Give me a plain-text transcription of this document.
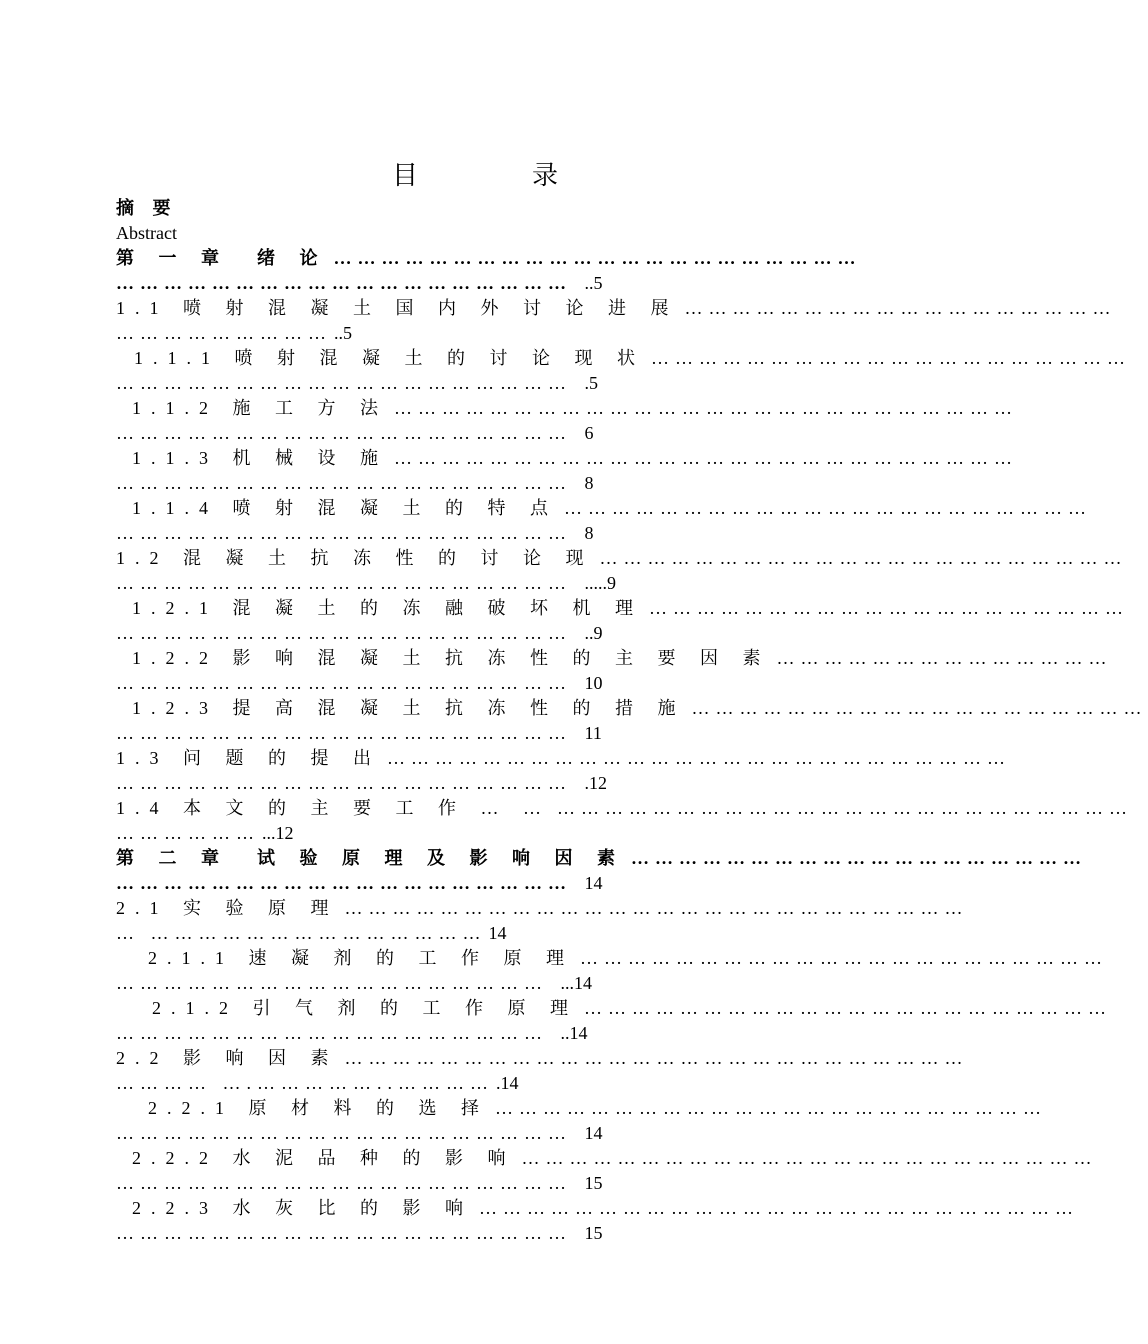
目　录
摘 要
Abstract
第 一 章　绪 论 …………………………………………………………
………………………………………………… ..5
1.1 喷 射 混 凝 土 国 内 外 讨 论 进 展 ………………………………………………
……………………… ..5
1.1.1 喷 射 混 凝 土 的 讨 论 现 状 ……………………………………………………
………………………………………………… .5
1.1.2 施 工 方 法 ……………………………………………………………………
………………………………………………… 6
1.1.3 机 械 设 施 ……………………………………………………………………
………………………………………………… 8
1.1.4 喷 射 混 凝 土 的 特 点 …………………………………………………………
………………………………………………… 8
1.2 混 凝 土 抗 冻 性 的 讨 论 现 …………………………………………………………
………………………………………………… .....9
1.2.1 混 凝 土 的 冻 融 破 坏 机 理 ……………………………………………………
………………………………………………… ..9
1.2.2 影 响 混 凝 土 抗 冻 性 的 主 要 因 素 ……………………………………
………………………………………………… 10
1.2.3 提 高 混 凝 土 抗 冻 性 的 措 施 …………………………………………………
………………………………………………… 11
1.3 问 题 的 提 出 ……………………………………………………………………
………………………………………………… .12
1.4 本 文 的 主 要 工 作 … … ………………………………………………………………
……………… ...12
第 二 章　试 验 原 理 及 影 响 因 素 …………………………………………………
………………………………………………… 14
2.1 实 验 原 理 ……………………………………………………………………
… …………………………………… 14
2.1.1 速 凝 剂 的 工 作 原 理 …………………………………………………………
……………………………………………… ...14
2.1.2 引 气 剂 的 工 作 原 理 …………………………………………………………
……………………………………………… ..14
2.2 影 响 因 素 ……………………………………………………………………
………… ….……………..………… .14
2.2.1 原 材 料 的 选 择 ……………………………………………………………
………………………………………………… 14
2.2.2 水 泥 品 种 的 影 响 ………………………………………………………………
………………………………………………… 15
2.2.3 水 灰 比 的 影 响 …………………………………………………………………
………………………………………………… 15
